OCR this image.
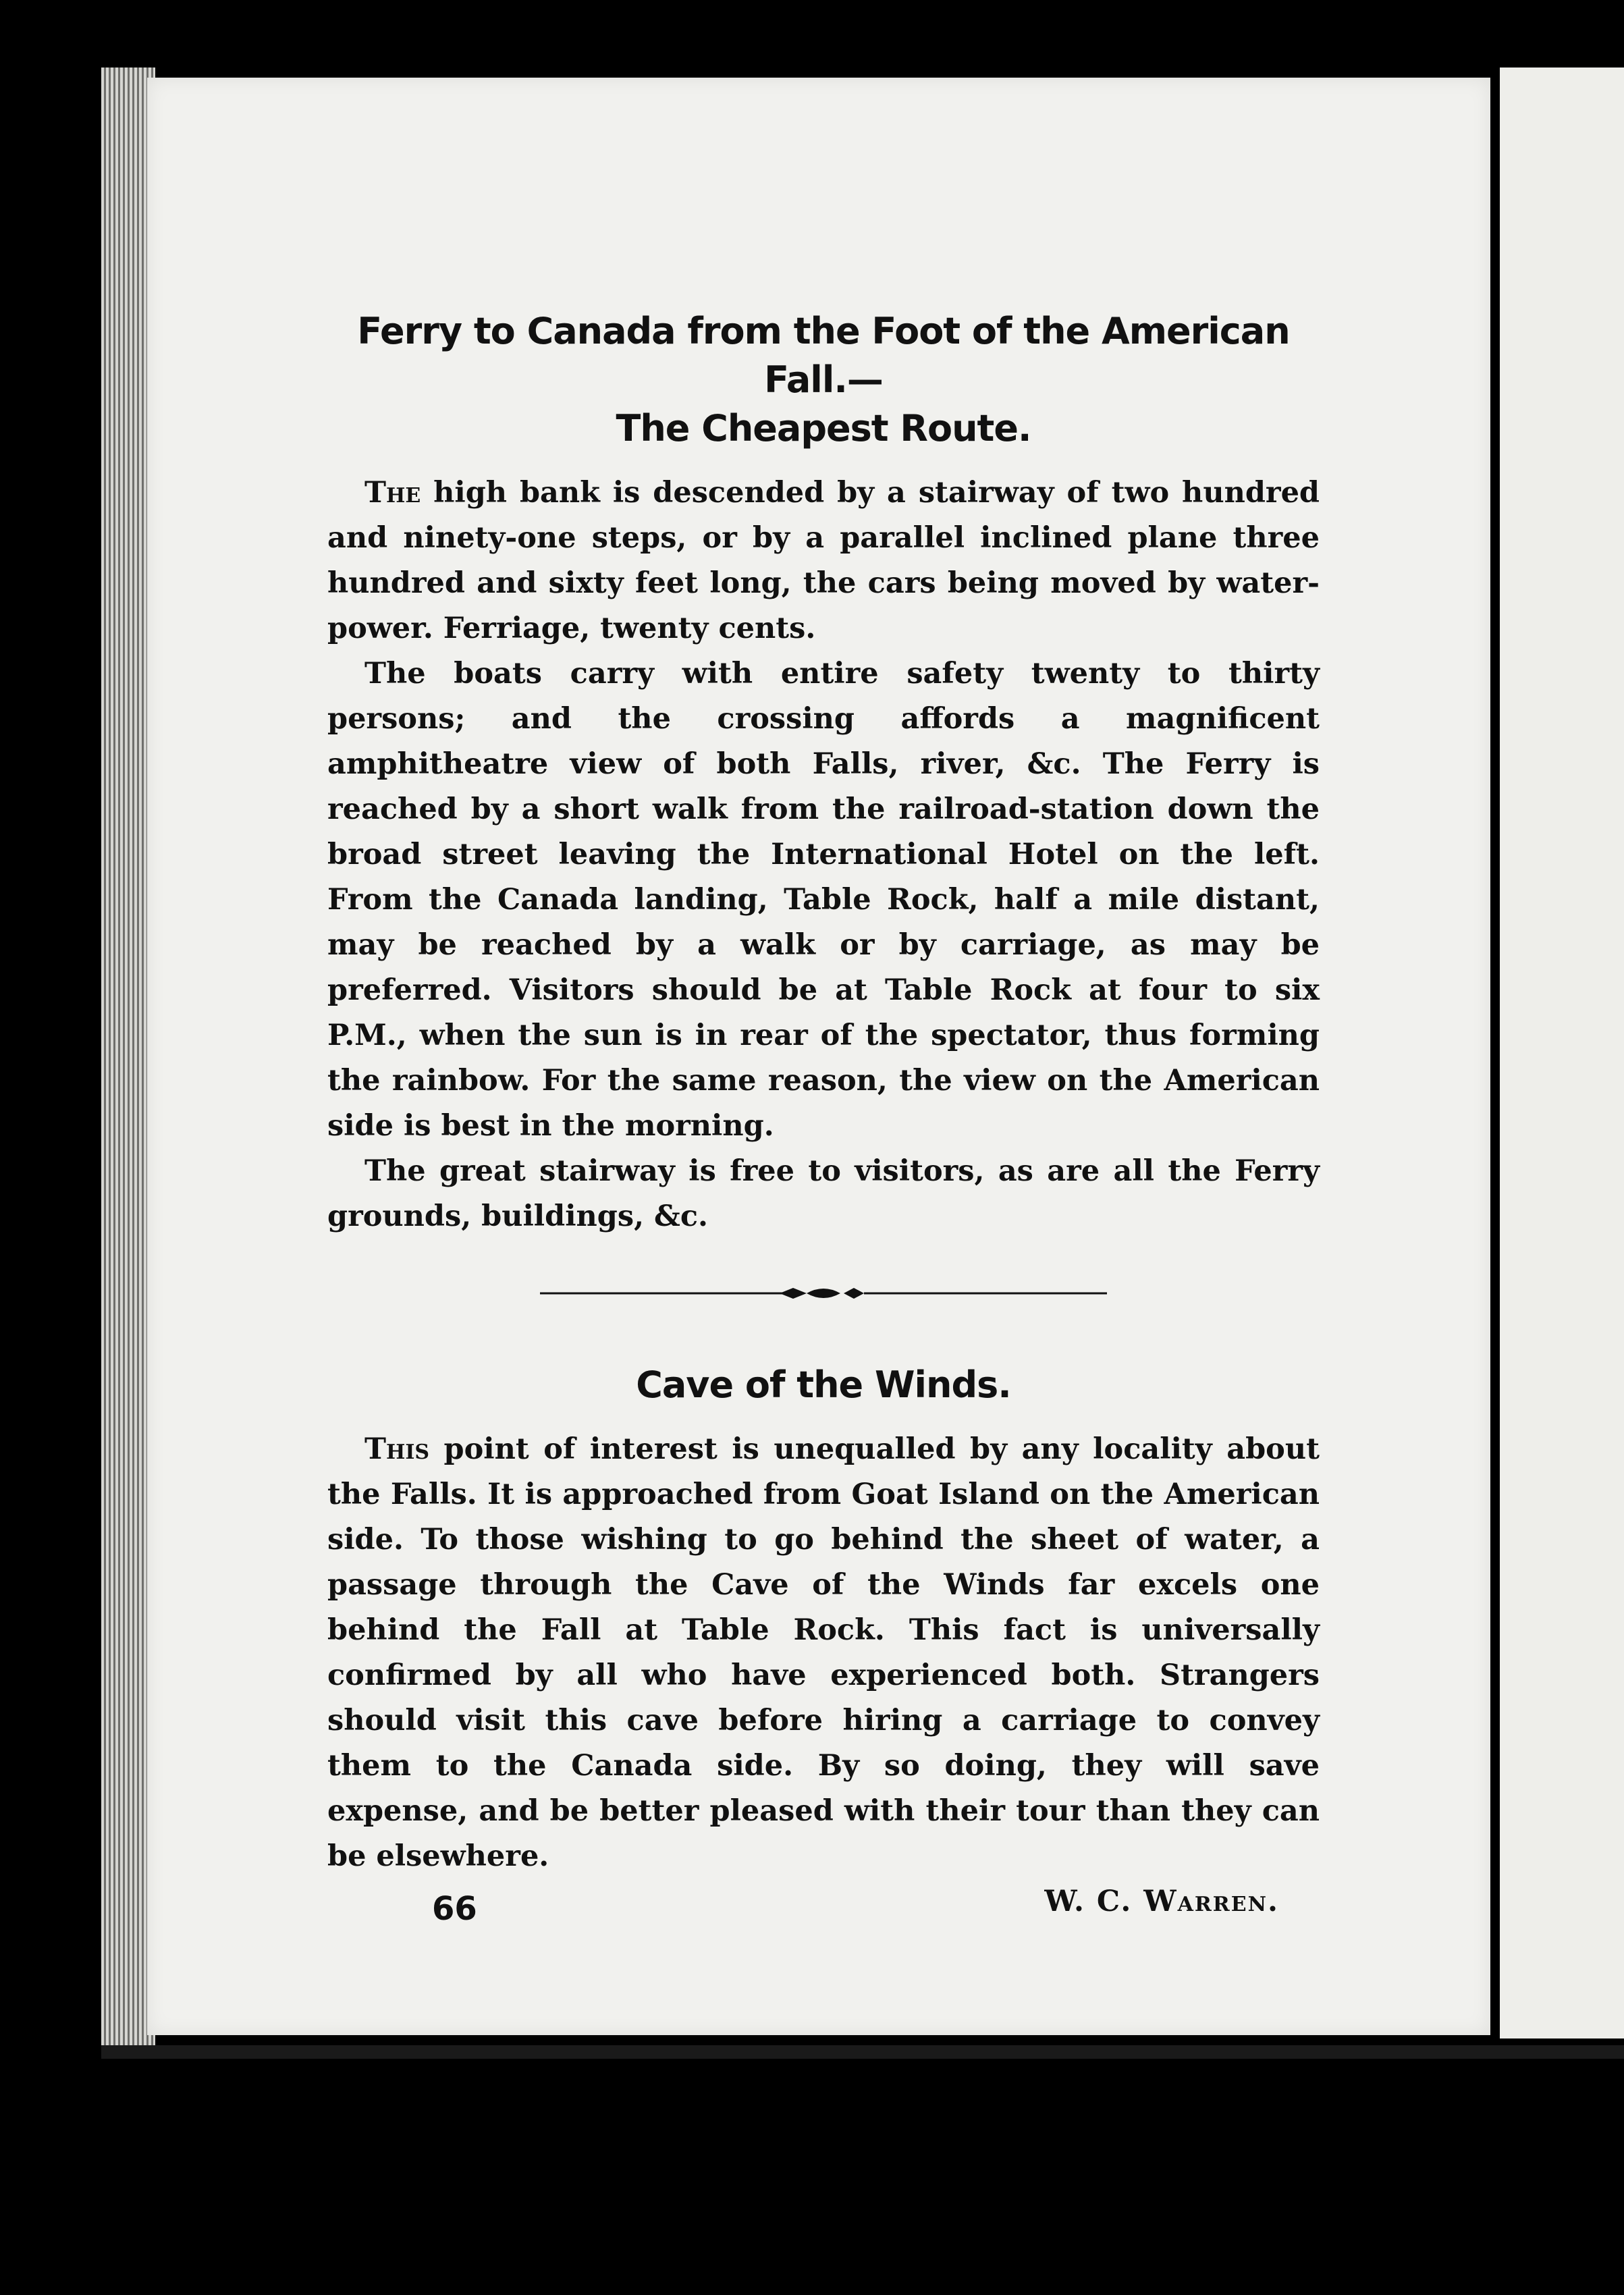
Ferry to Canada from the Foot of the American Fall.—
The Cheapest Route.

The high bank is descended by a stairway of two hundred and ninety-one steps, or by a parallel inclined plane three hundred and sixty feet long, the cars being moved by water-power. Ferriage, twenty cents.

The boats carry with entire safety twenty to thirty persons; and the crossing affords a magnificent amphitheatre view of both Falls, river, &c. The Ferry is reached by a short walk from the railroad-station down the broad street leaving the International Hotel on the left. From the Canada landing, Table Rock, half a mile distant, may be reached by a walk or by carriage, as may be preferred. Visitors should be at Table Rock at four to six P.M., when the sun is in rear of the spectator, thus forming the rainbow. For the same reason, the view on the American side is best in the morning.

The great stairway is free to visitors, as are all the Ferry grounds, buildings, &c.

Cave of the Winds.

This point of interest is unequalled by any locality about the Falls. It is approached from Goat Island on the American side. To those wishing to go behind the sheet of water, a passage through the Cave of the Winds far excels one behind the Fall at Table Rock. This fact is universally confirmed by all who have experienced both. Strangers should visit this cave before hiring a carriage to convey them to the Canada side. By so doing, they will save expense, and be better pleased with their tour than they can be elsewhere.

W. C. Warren.
66
